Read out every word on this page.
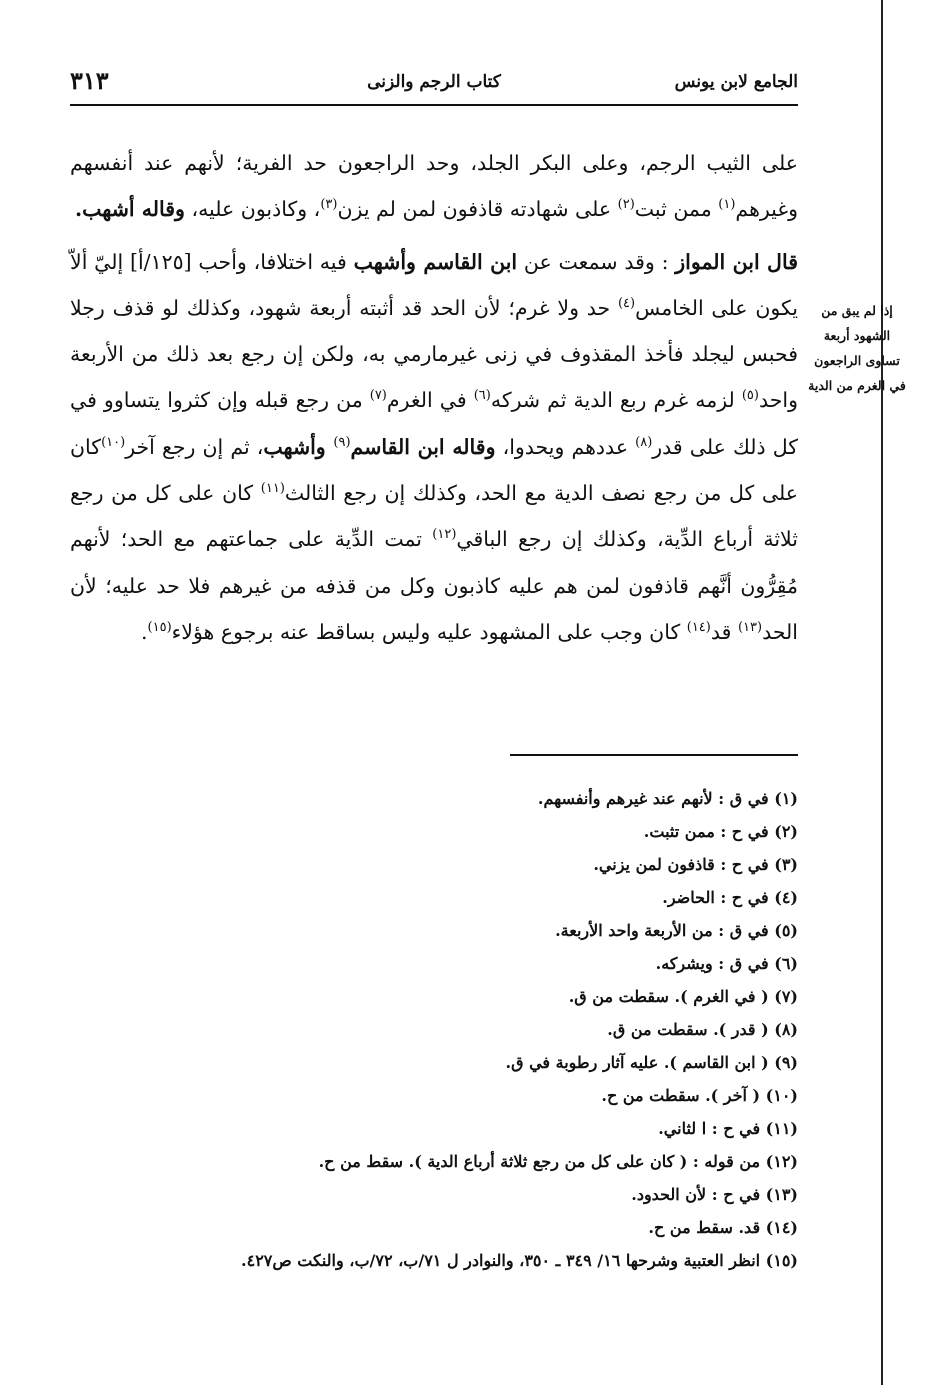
الجامع لابن يونس
كتاب الرجم والزنى
٣١٣
إذا لم يبق من الشهود أربعة تساوى الراجعون في الغرم من الدية

على الثيب الرجم، وعلى البكر الجلد، وحد الراجعون حد الفرية؛ لأنهم عند أنفسهم وغيرهم$^{(١)}$ ممن ثبت$^{(٢)}$ على شهادته قاذفون لمن لم يزن$^{(٣)}$، وكاذبون عليه، وقاله أشهب.

قال ابن المواز : وقد سمعت عن ابن القاسم وأشهب فيه اختلافا، وأحب [١٢٥/أ] إليّ ألاّ يكون على الخامس$^{(٤)}$ حد ولا غرم؛ لأن الحد قد أثبته أربعة شهود، وكذلك لو قذف رجلا فحبس ليجلد فأخذ المقذوف في زنى غيرمارمي به، ولكن إن رجع بعد ذلك من الأربعة واحد$^{(٥)}$ لزمه غرم ربع الدية ثم شركه$^{(٦)}$ في الغرم$^{(٧)}$ من رجع قبله وإن كثروا يتساوو في كل ذلك على قدر$^{(٨)}$ عددهم ويحدوا، وقاله ابن القاسم$^{(٩)}$ وأشهب، ثم إن رجع آخر$^{(١٠)}$كان على كل من رجع نصف الدية مع الحد، وكذلك إن رجع الثالث$^{(١١)}$ كان على كل من رجع ثلاثة أرباع الدِّية، وكذلك إن رجع الباقي$^{(١٢)}$ تمت الدِّية على جماعتهم مع الحد؛ لأنهم مُقِرُّون أنَّهم قاذفون لمن هم عليه كاذبون وكل من قذفه من غيرهم فلا حد عليه؛ لأن الحد$^{(١٣)}$ قد$^{(١٤)}$ كان وجب على المشهود عليه وليس بساقط عنه برجوع هؤلاء$^{(١٥)}$.

(١) في ق : لأنهم عند غيرهم وأنفسهم.
(٢) في ح : ممن تثبت.
(٣) في ح : قاذفون لمن يزني.
(٤) في ح : الحاضر.
(٥) في ق : من الأربعة واحد الأربعة.
(٦) في ق : ويشركه.
(٧) ( في الغرم ). سقطت من ق.
(٨) ( قدر ). سقطت من ق.
(٩) ( ابن القاسم ). عليه آثار رطوبة في ق.
(١٠) ( آخر ). سقطت من ح.
(١١) في ح : ا لثاني.
(١٢) من قوله : ( كان على كل من رجع ثلاثة أرباع الدية ). سقط من ح.
(١٣) في ح : لأن الحدود.
(١٤) قد. سقط من ح.
(١٥) انظر العتبية وشرحها ١٦/ ٣٤٩ ـ ٣٥٠، والنوادر ل ٧١/ب، ٧٢/ب، والنكت ص٤٢٧.
